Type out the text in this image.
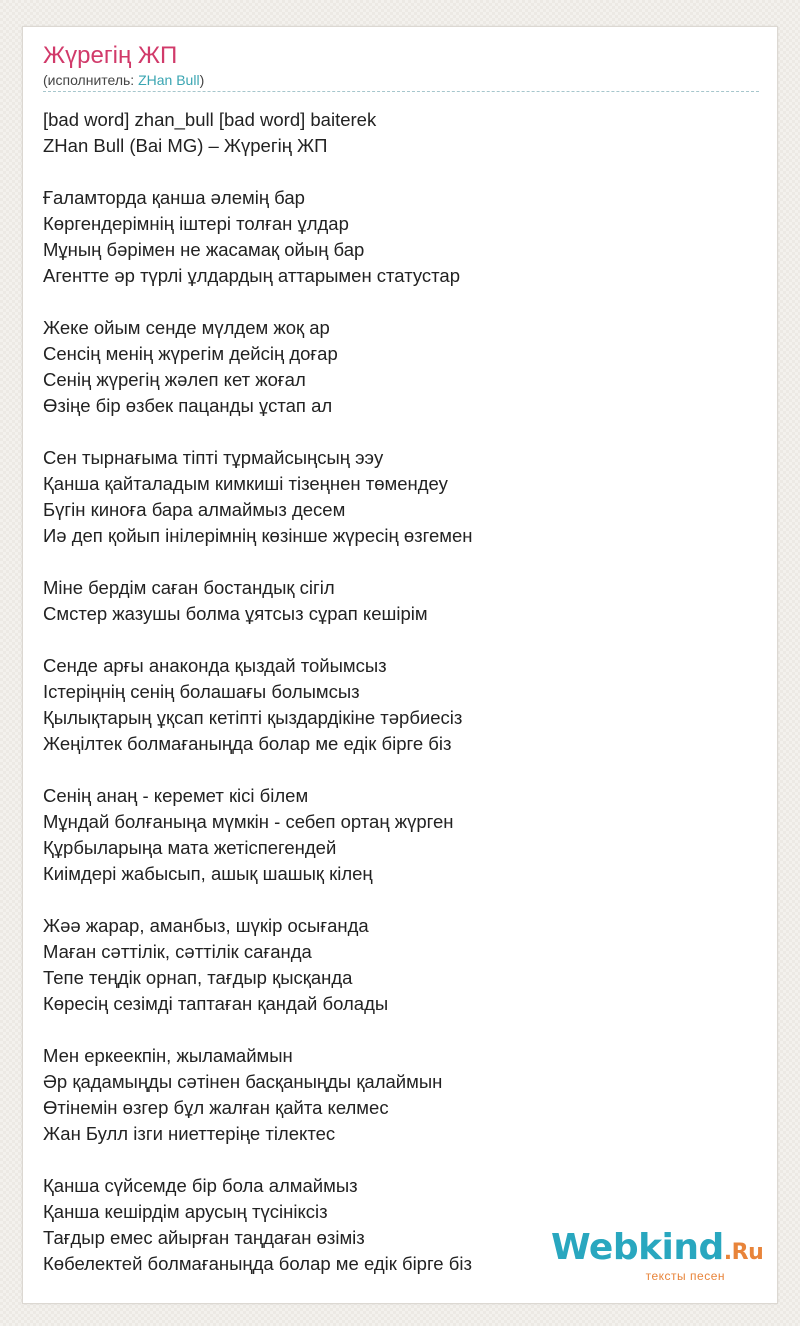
Жүрегің ЖП
(исполнитель: ZHan Bull)
[bad word] zhan_bull [bad word] baiterek
ZHan Bull (Bai MG) – Жүрегің ЖП
Ғаламторда қанша әлемің бар
Көргендерімнің іштері толған ұлдар
Мұның бәрімен не жасамақ ойың бар
Агентте әр түрлі ұлдардың аттарымен статустар
Жеке ойым сенде мүлдем жоқ ар
Сенсің менің жүрегім дейсің доғар
Сенің жүрегің жәлеп кет жоғал
Өзіңе бір өзбек пацанды ұстап ал
Сен тырнағыма тіпті тұрмайсыңсың ээу
Қанша қайталадым кимкиші тізеңнен төмендеу
Бүгін киноға бара алмаймыз десем
Иә деп қойып інілерімнің көзінше жүресің өзгемен
Міне бердім саған бостандық сігіл
Смстер жазушы болма ұятсыз сұрап кешірім
Сенде арғы анаконда қыздай тойымсыз
Істеріңнің сенің болашағы болымсыз
Қылықтарың ұқсап кетіпті қыздардікіне тәрбиесіз
Жеңілтек болмағаныңда болар ме едік бірге біз
Сенің анаң - керемет кісі білем
Мұндай болғаныңа мүмкін - себеп ортаң жүрген
Құрбыларыңа мата жетіспегендей
Киімдері жабысып, ашық шашық кілең
Жәә жарар, аманбыз, шүкір осығанда
Маған сәттілік, сәттілік сағанда
Тепе теңдік орнап, тағдыр қысқанда
Көресің сезімді таптаған қандай болады
Мен еркеекпін, жыламаймын
Әр қадамыңды сәтінен басқаныңды қалаймын
Өтінемін өзгер бұл жалған қайта келмес
Жан Булл ізги ниеттеріңе тілектес
Қанша сүйсемде бір бола алмаймыз
Қанша кешірдім арусың түсініксіз
Тағдыр емес айырған таңдаған өзіміз
Көбелектей болмағаныңда болар ме едік бірге біз	Webkind.Ru
тексты песен
